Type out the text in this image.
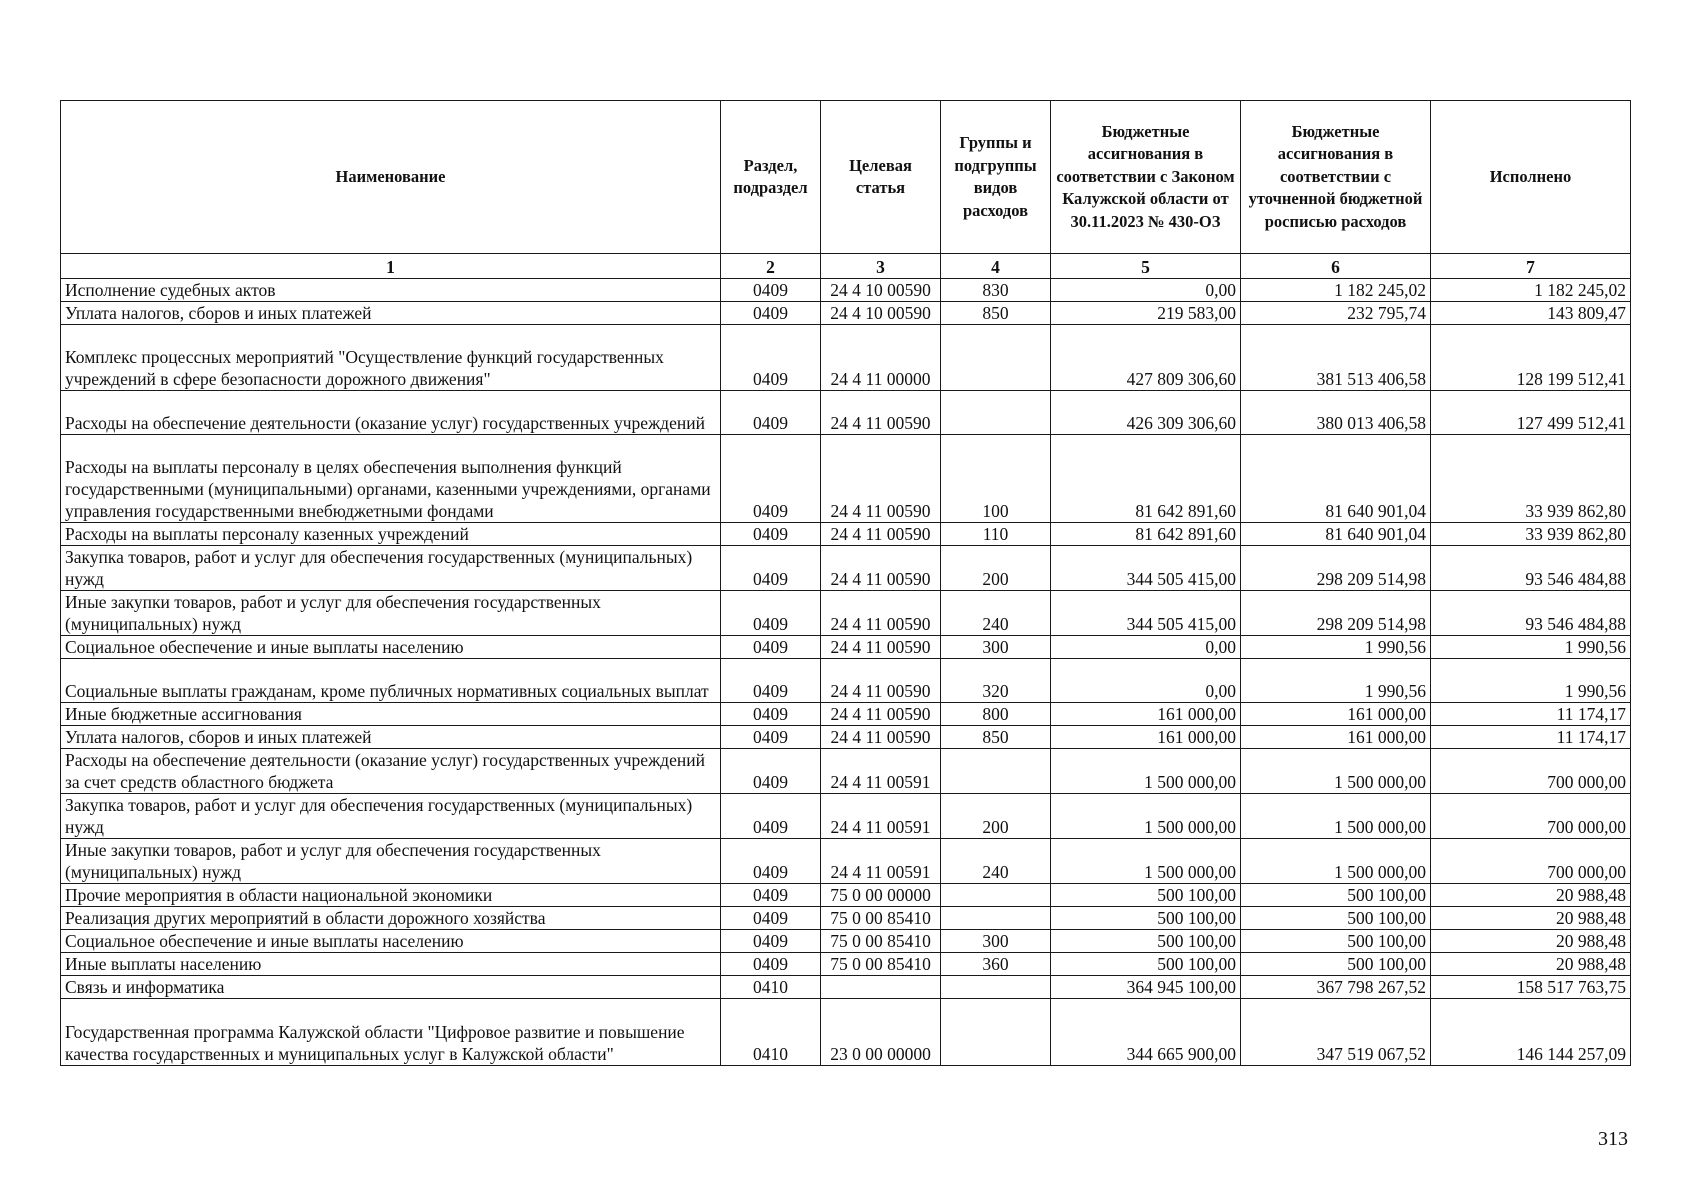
Наименование	Раздел, подраздел	Целевая статья	Группы и подгруппы видов расходов	Бюджетные ассигнования в соответствии с Законом Калужской области от 30.11.2023 № 430-ОЗ	Бюджетные ассигнования в соответствии с уточненной бюджетной росписью расходов	Исполнено
1	2	3	4	5	6	7
Исполнение судебных актов	0409	24 4 10 00590	830	0,00	1 182 245,02	1 182 245,02
Уплата налогов, сборов и иных платежей	0409	24 4 10 00590	850	219 583,00	232 795,74	143 809,47
Комплекс процессных мероприятий "Осуществление функций государственных учреждений в сфере безопасности дорожного движения"	0409	24 4 11 00000		427 809 306,60	381 513 406,58	128 199 512,41
Расходы на обеспечение деятельности (оказание услуг) государственных учреждений	0409	24 4 11 00590		426 309 306,60	380 013 406,58	127 499 512,41
Расходы на выплаты персоналу в целях обеспечения выполнения функций государственными (муниципальными) органами, казенными учреждениями, органами управления государственными внебюджетными фондами	0409	24 4 11 00590	100	81 642 891,60	81 640 901,04	33 939 862,80
Расходы на выплаты персоналу казенных учреждений	0409	24 4 11 00590	110	81 642 891,60	81 640 901,04	33 939 862,80
Закупка товаров, работ и услуг для обеспечения государственных (муниципальных) нужд	0409	24 4 11 00590	200	344 505 415,00	298 209 514,98	93 546 484,88
Иные закупки товаров, работ и услуг для обеспечения государственных (муниципальных) нужд	0409	24 4 11 00590	240	344 505 415,00	298 209 514,98	93 546 484,88
Социальное обеспечение и иные выплаты населению	0409	24 4 11 00590	300	0,00	1 990,56	1 990,56
Социальные выплаты гражданам, кроме публичных нормативных социальных выплат	0409	24 4 11 00590	320	0,00	1 990,56	1 990,56
Иные бюджетные ассигнования	0409	24 4 11 00590	800	161 000,00	161 000,00	11 174,17
Уплата налогов, сборов и иных платежей	0409	24 4 11 00590	850	161 000,00	161 000,00	11 174,17
Расходы на обеспечение деятельности (оказание услуг) государственных учреждений за счет средств областного бюджета	0409	24 4 11 00591		1 500 000,00	1 500 000,00	700 000,00
Закупка товаров, работ и услуг для обеспечения государственных (муниципальных) нужд	0409	24 4 11 00591	200	1 500 000,00	1 500 000,00	700 000,00
Иные закупки товаров, работ и услуг для обеспечения государственных (муниципальных) нужд	0409	24 4 11 00591	240	1 500 000,00	1 500 000,00	700 000,00
Прочие мероприятия в области национальной экономики	0409	75 0 00 00000		500 100,00	500 100,00	20 988,48
Реализация других мероприятий в области дорожного хозяйства	0409	75 0 00 85410		500 100,00	500 100,00	20 988,48
Социальное обеспечение и иные выплаты населению	0409	75 0 00 85410	300	500 100,00	500 100,00	20 988,48
Иные выплаты населению	0409	75 0 00 85410	360	500 100,00	500 100,00	20 988,48
Связь и информатика	0410			364 945 100,00	367 798 267,52	158 517 763,75
Государственная программа Калужской области "Цифровое развитие и повышение качества государственных и муниципальных услуг в Калужской области"	0410	23 0 00 00000		344 665 900,00	347 519 067,52	146 144 257,09
313
